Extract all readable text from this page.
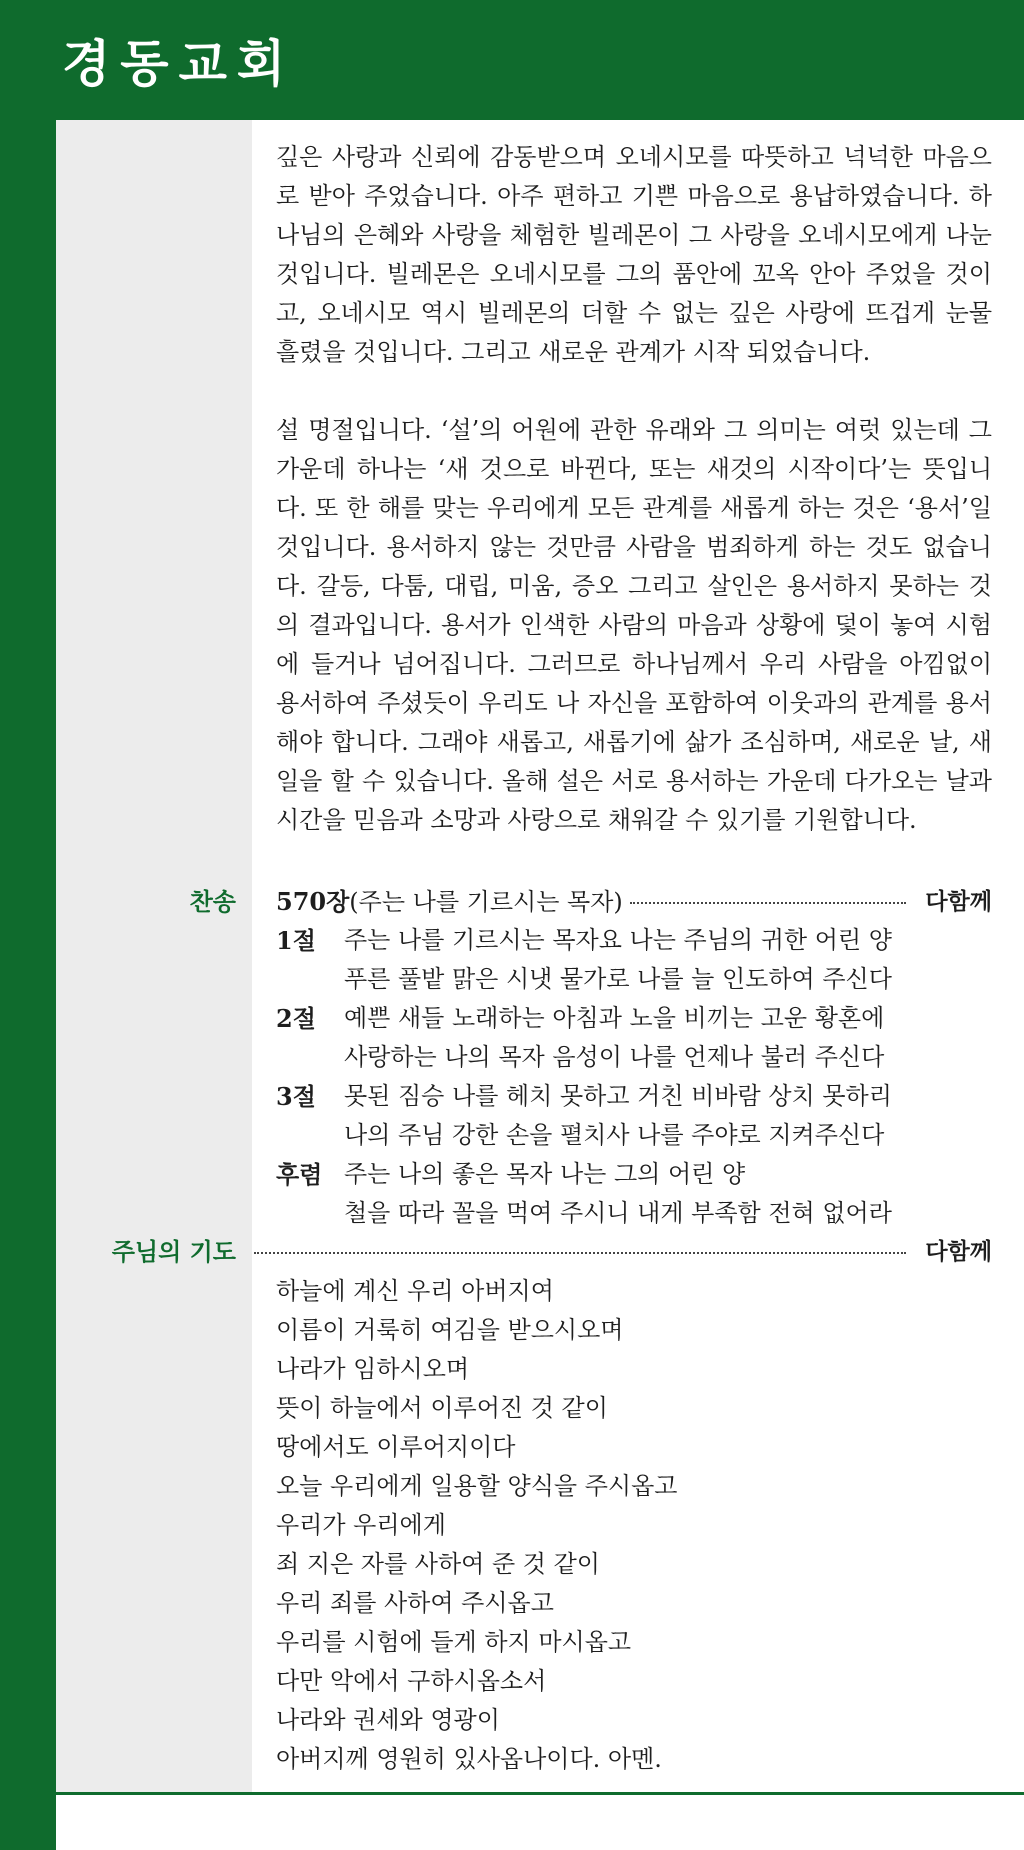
경동교회

깊은 사랑과 신뢰에 감동받으며 오네시모를 따뜻하고 넉넉한 마음으로 받아 주었습니다. 아주 편하고 기쁜 마음으로 용납하였습니다. 하나님의 은혜와 사랑을 체험한 빌레몬이 그 사랑을 오네시모에게 나눈 것입니다. 빌레몬은 오네시모를 그의 품안에 꼬옥 안아 주었을 것이고, 오네시모 역시 빌레몬의 더할 수 없는 깊은 사랑에 뜨겁게 눈물 흘렸을 것입니다. 그리고 새로운 관계가 시작 되었습니다.

설 명절입니다. ‘설’의 어원에 관한 유래와 그 의미는 여럿 있는데 그 가운데 하나는 ‘새 것으로 바뀐다, 또는 새것의 시작이다’는 뜻입니다. 또 한 해를 맞는 우리에게 모든 관계를 새롭게 하는 것은 ‘용서’일 것입니다. 용서하지 않는 것만큼 사람을 범죄하게 하는 것도 없습니다. 갈등, 다툼, 대립, 미움, 증오 그리고 살인은 용서하지 못하는 것의 결과입니다. 용서가 인색한 사람의 마음과 상황에 덫이 놓여 시험에 들거나 넘어집니다. 그러므로 하나님께서 우리 사람을 아낌없이 용서하여 주셨듯이 우리도 나 자신을 포함하여 이웃과의 관계를 용서해야 합니다. 그래야 새롭고, 새롭기에 삶가 조심하며, 새로운 날, 새 일을 할 수 있습니다. 올해 설은 서로 용서하는 가운데 다가오는 날과 시간을 믿음과 소망과 사랑으로 채워갈 수 있기를 기원합니다.

찬송 570장(주는 나를 기르시는 목자)	다함께
1절	주는 나를 기르시는 목자요 나는 주님의 귀한 어린 양
푸른 풀밭 맑은 시냇 물가로 나를 늘 인도하여 주신다
2절	예쁜 새들 노래하는 아침과 노을 비끼는 고운 황혼에
사랑하는 나의 목자 음성이 나를 언제나 불러 주신다
3절	못된 짐승 나를 헤치 못하고 거친 비바람 상치 못하리
나의 주님 강한 손을 펼치사 나를 주야로 지켜주신다
후렴 주는 나의 좋은 목자 나는 그의 어린 양
철을 따라 꼴을 먹여 주시니 내게 부족함 전혀 없어라
주님의 기도	다함께
하늘에 계신 우리 아버지여
이름이 거룩히 여김을 받으시오며
나라가 임하시오며
뜻이 하늘에서 이루어진 것 같이
땅에서도 이루어지이다
오늘 우리에게 일용할 양식을 주시옵고
우리가 우리에게
죄 지은 자를 사하여 준 것 같이
우리 죄를 사하여 주시옵고
우리를 시험에 들게 하지 마시옵고
다만 악에서 구하시옵소서
나라와 권세와 영광이
아버지께 영원히 있사옵나이다. 아멘.
